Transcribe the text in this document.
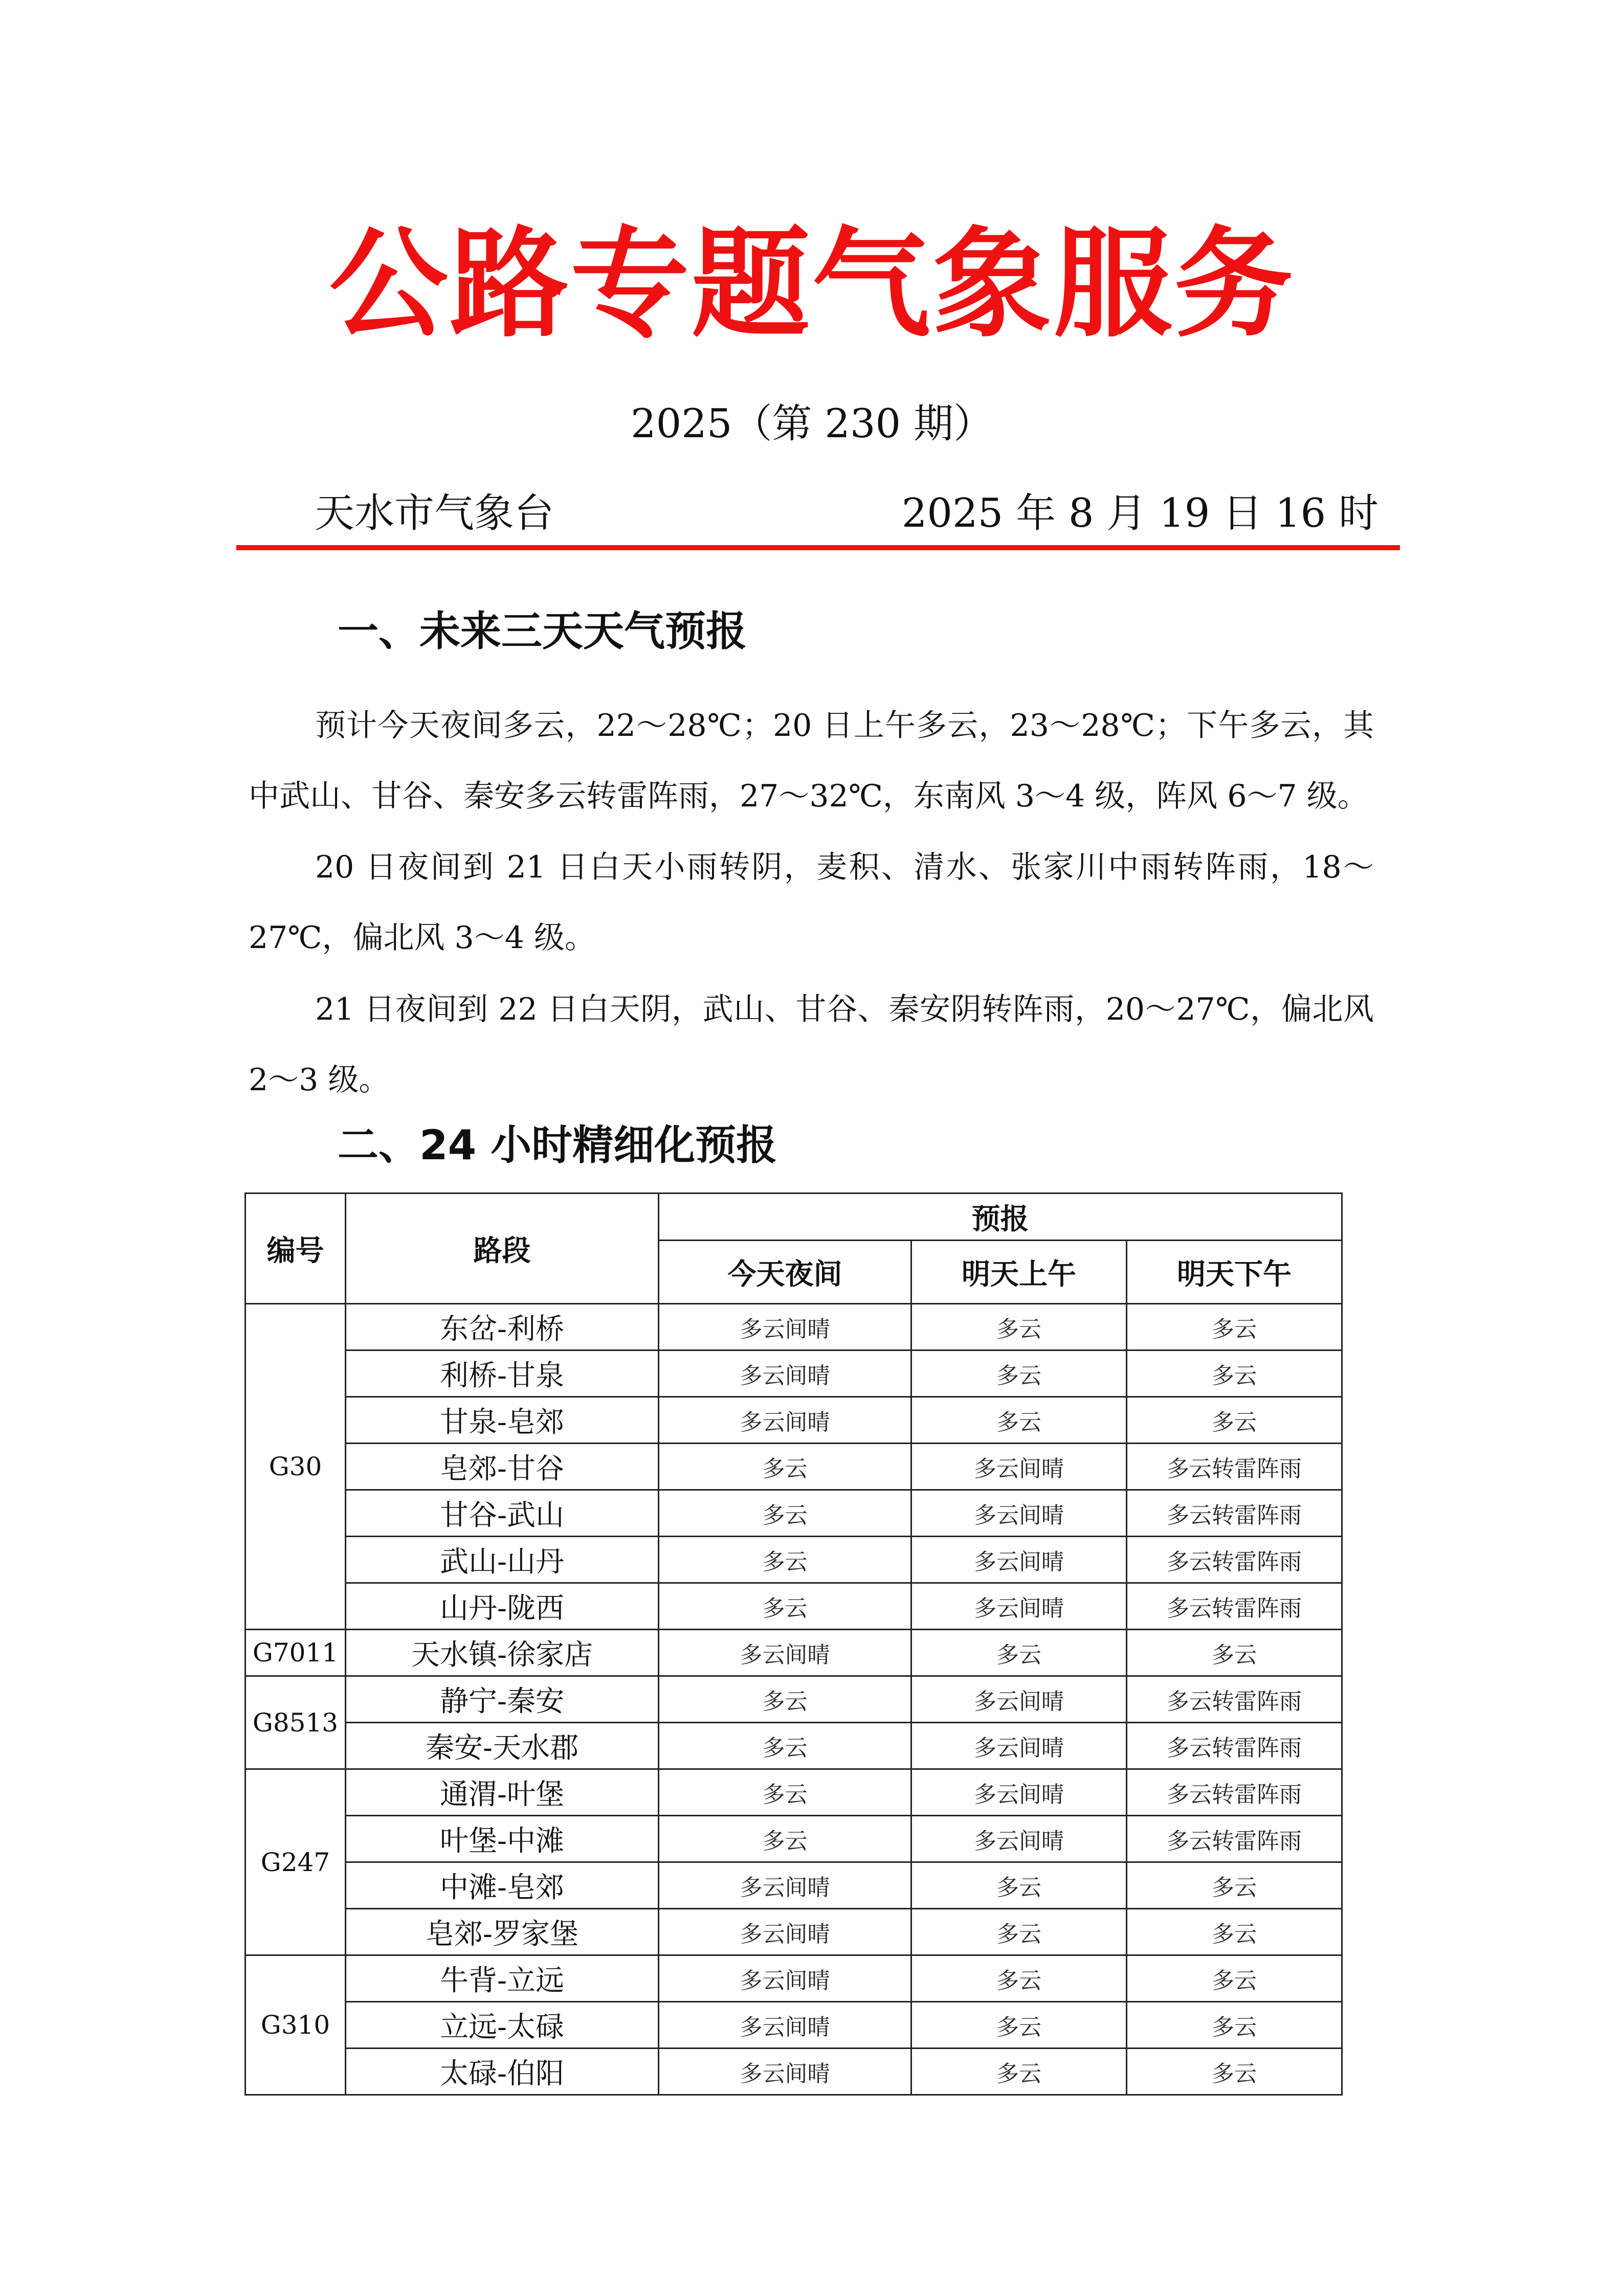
公路专题气象服务
2025（第 230 期）
天水市气象台	2025 年 8 月 19 日 16 时
一、未来三天天气预报

预计今天夜间多云，22～28℃；20 日上午多云，23～28℃；下午多云，其中武山、甘谷、秦安多云转雷阵雨，27～32℃，东南风 3～4 级，阵风 6～7 级。

20 日夜间到 21 日白天小雨转阴，麦积、清水、张家川中雨转阵雨，18～27℃，偏北风 3～4 级。

21 日夜间到 22 日白天阴，武山、甘谷、秦安阴转阵雨，20～27℃，偏北风 2～3 级。

二、24 小时精细化预报
编号	路段	预报		
		今天夜间	明天上午	明天下午
G30	东岔-利桥	多云间晴	多云	多云
	利桥-甘泉	多云间晴	多云	多云
	甘泉-皂郊	多云间晴	多云	多云
	皂郊-甘谷	多云	多云间晴	多云转雷阵雨
	甘谷-武山	多云	多云间晴	多云转雷阵雨
	武山-山丹	多云	多云间晴	多云转雷阵雨
	山丹-陇西	多云	多云间晴	多云转雷阵雨
G7011	天水镇-徐家店	多云间晴	多云	多云
G8513	静宁-秦安	多云	多云间晴	多云转雷阵雨
	秦安-天水郡	多云	多云间晴	多云转雷阵雨
G247	通渭-叶堡	多云	多云间晴	多云转雷阵雨
	叶堡-中滩	多云	多云间晴	多云转雷阵雨
	中滩-皂郊	多云间晴	多云	多云
	皂郊-罗家堡	多云间晴	多云	多云
G310	牛背-立远	多云间晴	多云	多云
	立远-太碌	多云间晴	多云	多云
	太碌-伯阳	多云间晴	多云	多云
